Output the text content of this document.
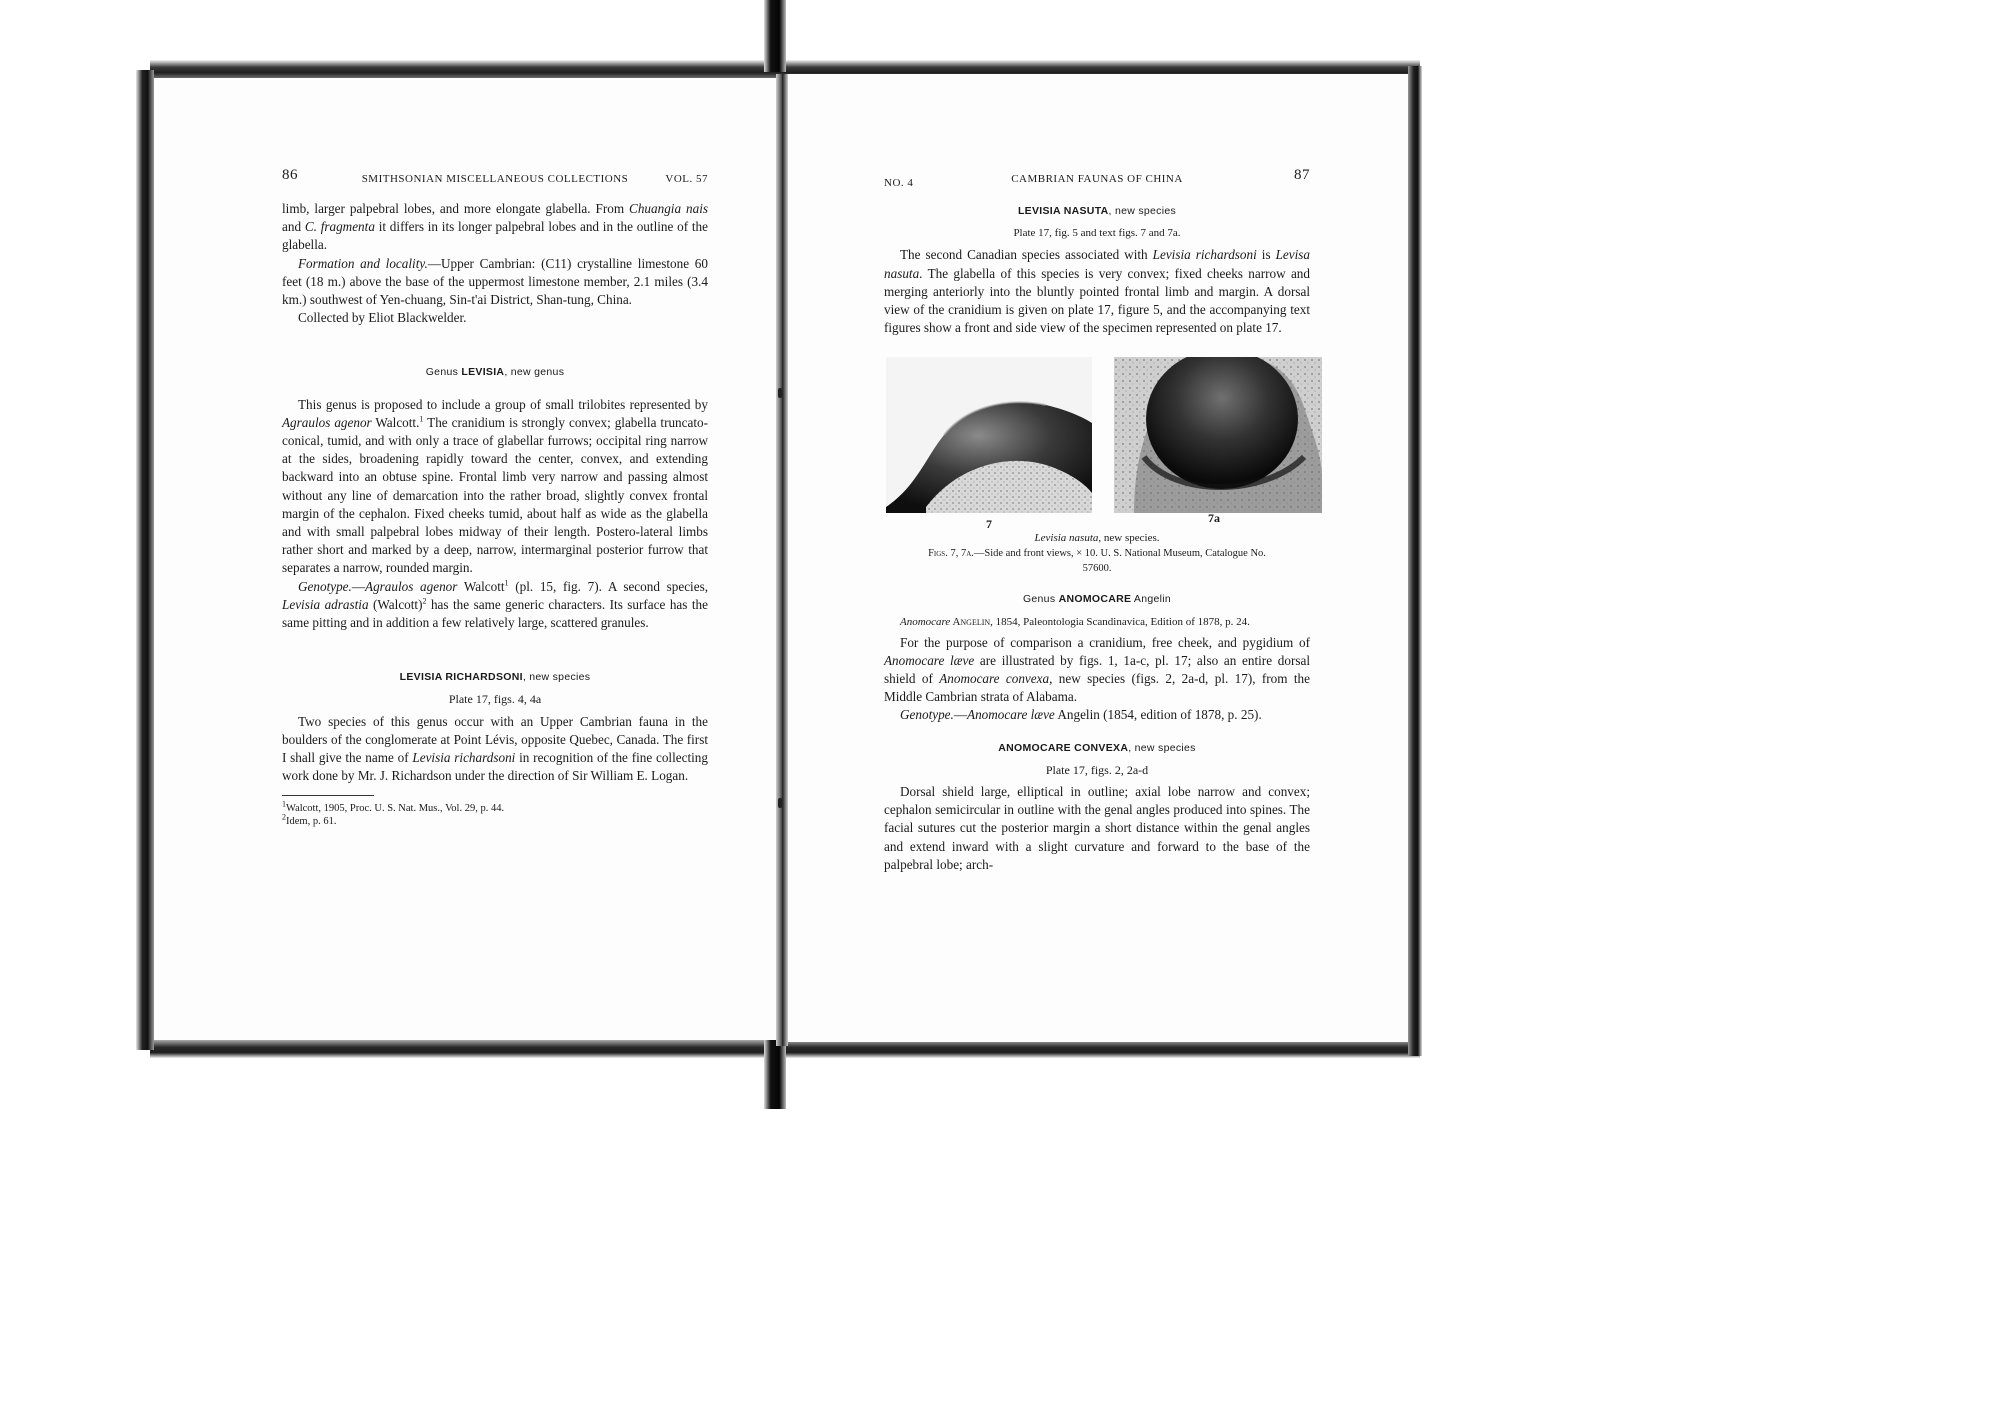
86	SMITHSONIAN MISCELLANEOUS COLLECTIONS	VOL. 57

limb, larger palpebral lobes, and more elongate glabella. From Chuangia nais and C. fragmenta it differs in its longer palpebral lobes and in the outline of the glabella.

Formation and locality.—Upper Cambrian: (C11) crystalline limestone 60 feet (18 m.) above the base of the uppermost limestone member, 2.1 miles (3.4 km.) southwest of Yen-chuang, Sin-t'ai District, Shan-tung, China.

Collected by Eliot Blackwelder.

Genus LEVISIA, new genus

This genus is proposed to include a group of small trilobites represented by Agraulos agenor Walcott.$^1$ The cranidium is strongly convex; glabella truncato-conical, tumid, and with only a trace of glabellar furrows; occipital ring narrow at the sides, broadening rapidly toward the center, convex, and extending backward into an obtuse spine. Frontal limb very narrow and passing almost without any line of demarcation into the rather broad, slightly convex frontal margin of the cephalon. Fixed cheeks tumid, about half as wide as the glabella and with small palpebral lobes midway of their length. Postero-lateral limbs rather short and marked by a deep, narrow, intermarginal posterior furrow that separates a narrow, rounded margin.

Genotype.—Agraulos agenor Walcott$^1$ (pl. 15, fig. 7). A second species, Levisia adrastia $(Walcott)^2$ has the same generic characters. Its surface has the same pitting and in addition a few relatively large, scattered granules.

LEVISIA RICHARDSONI, new species
Plate 17, figs. 4, 4a

Two species of this genus occur with an Upper Cambrian fauna in the boulders of the conglomerate at Point Lévis, opposite Quebec, Canada. The first I shall give the name of Levisia richardsoni in recognition of the fine collecting work done by Mr. J. Richardson under the direction of Sir William E. Logan.

$^1$Walcott, 1905, Proc. U. S. Nat. Mus., Vol. 29, p. 44.
$^2$Idem, p. 61.
NO. 4	CAMBRIAN FAUNAS OF CHINA	87
LEVISIA NASUTA, new species
Plate 17, fig. 5 and text figs. 7 and 7a.

The second Canadian species associated with Levisia richardsoni is Levisa nasuta. The glabella of this species is very convex; fixed cheeks narrow and merging anteriorly into the bluntly pointed frontal limb and margin. A dorsal view of the cranidium is given on plate 17, figure 5, and the accompanying text figures show a front and side view of the specimen represented on plate 17.

7	7a
Levisia nasuta, new species.
Figs. 7, 7a.—Side and front views, × 10. U. S. National Museum, Catalogue No. 57600.
Genus ANOMOCARE Angelin

Anomocare Angelin, 1854, Paleontologia Scandinavica, Edition of 1878, p. 24.

For the purpose of comparison a cranidium, free cheek, and pygidium of Anomocare læve are illustrated by figs. 1, 1a-c, pl. 17; also an entire dorsal shield of Anomocare convexa, new species (figs. 2, 2a-d, pl. 17), from the Middle Cambrian strata of Alabama.

Genotype.—Anomocare læve Angelin (1854, edition of 1878, p. 25).

ANOMOCARE CONVEXA, new species
Plate 17, figs. 2, 2a-d

Dorsal shield large, elliptical in outline; axial lobe narrow and convex; cephalon semicircular in outline with the genal angles produced into spines. The facial sutures cut the posterior margin a short distance within the genal angles and extend inward with a slight curvature and forward to the base of the palpebral lobe; arch-
